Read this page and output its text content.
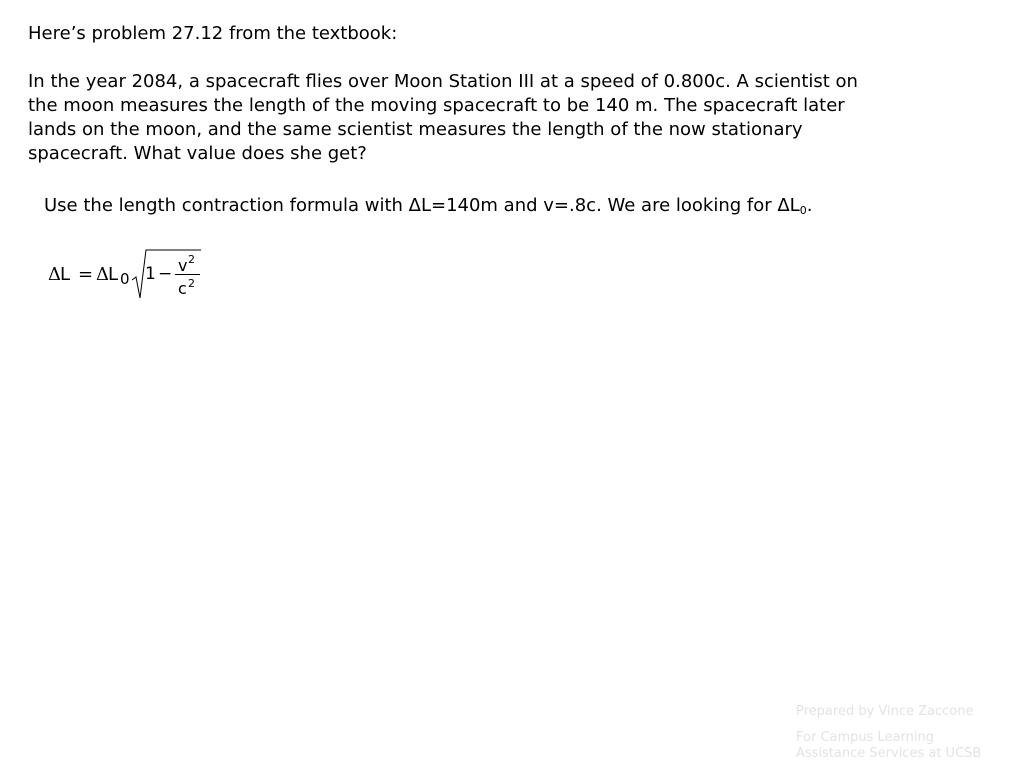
Here’s problem 27.12 from the textbook:

In the year 2084, a spacecraft flies over Moon Station III at a speed of 0.800c. A scientist on
the moon measures the length of the moving spacecraft to be 140 m. The spacecraft later
lands on the moon, and the same scientist measures the length of the now stationary
spacecraft. What value does she get?

Use the length contraction formula with ΔL=140m and v=.8c. We are looking for $\Delta L_0$.

Δ L = Δ L 0 1 − v 2
c 2
Prepared by Vince Zaccone
For Campus Learning
Assistance Services at UCSB
